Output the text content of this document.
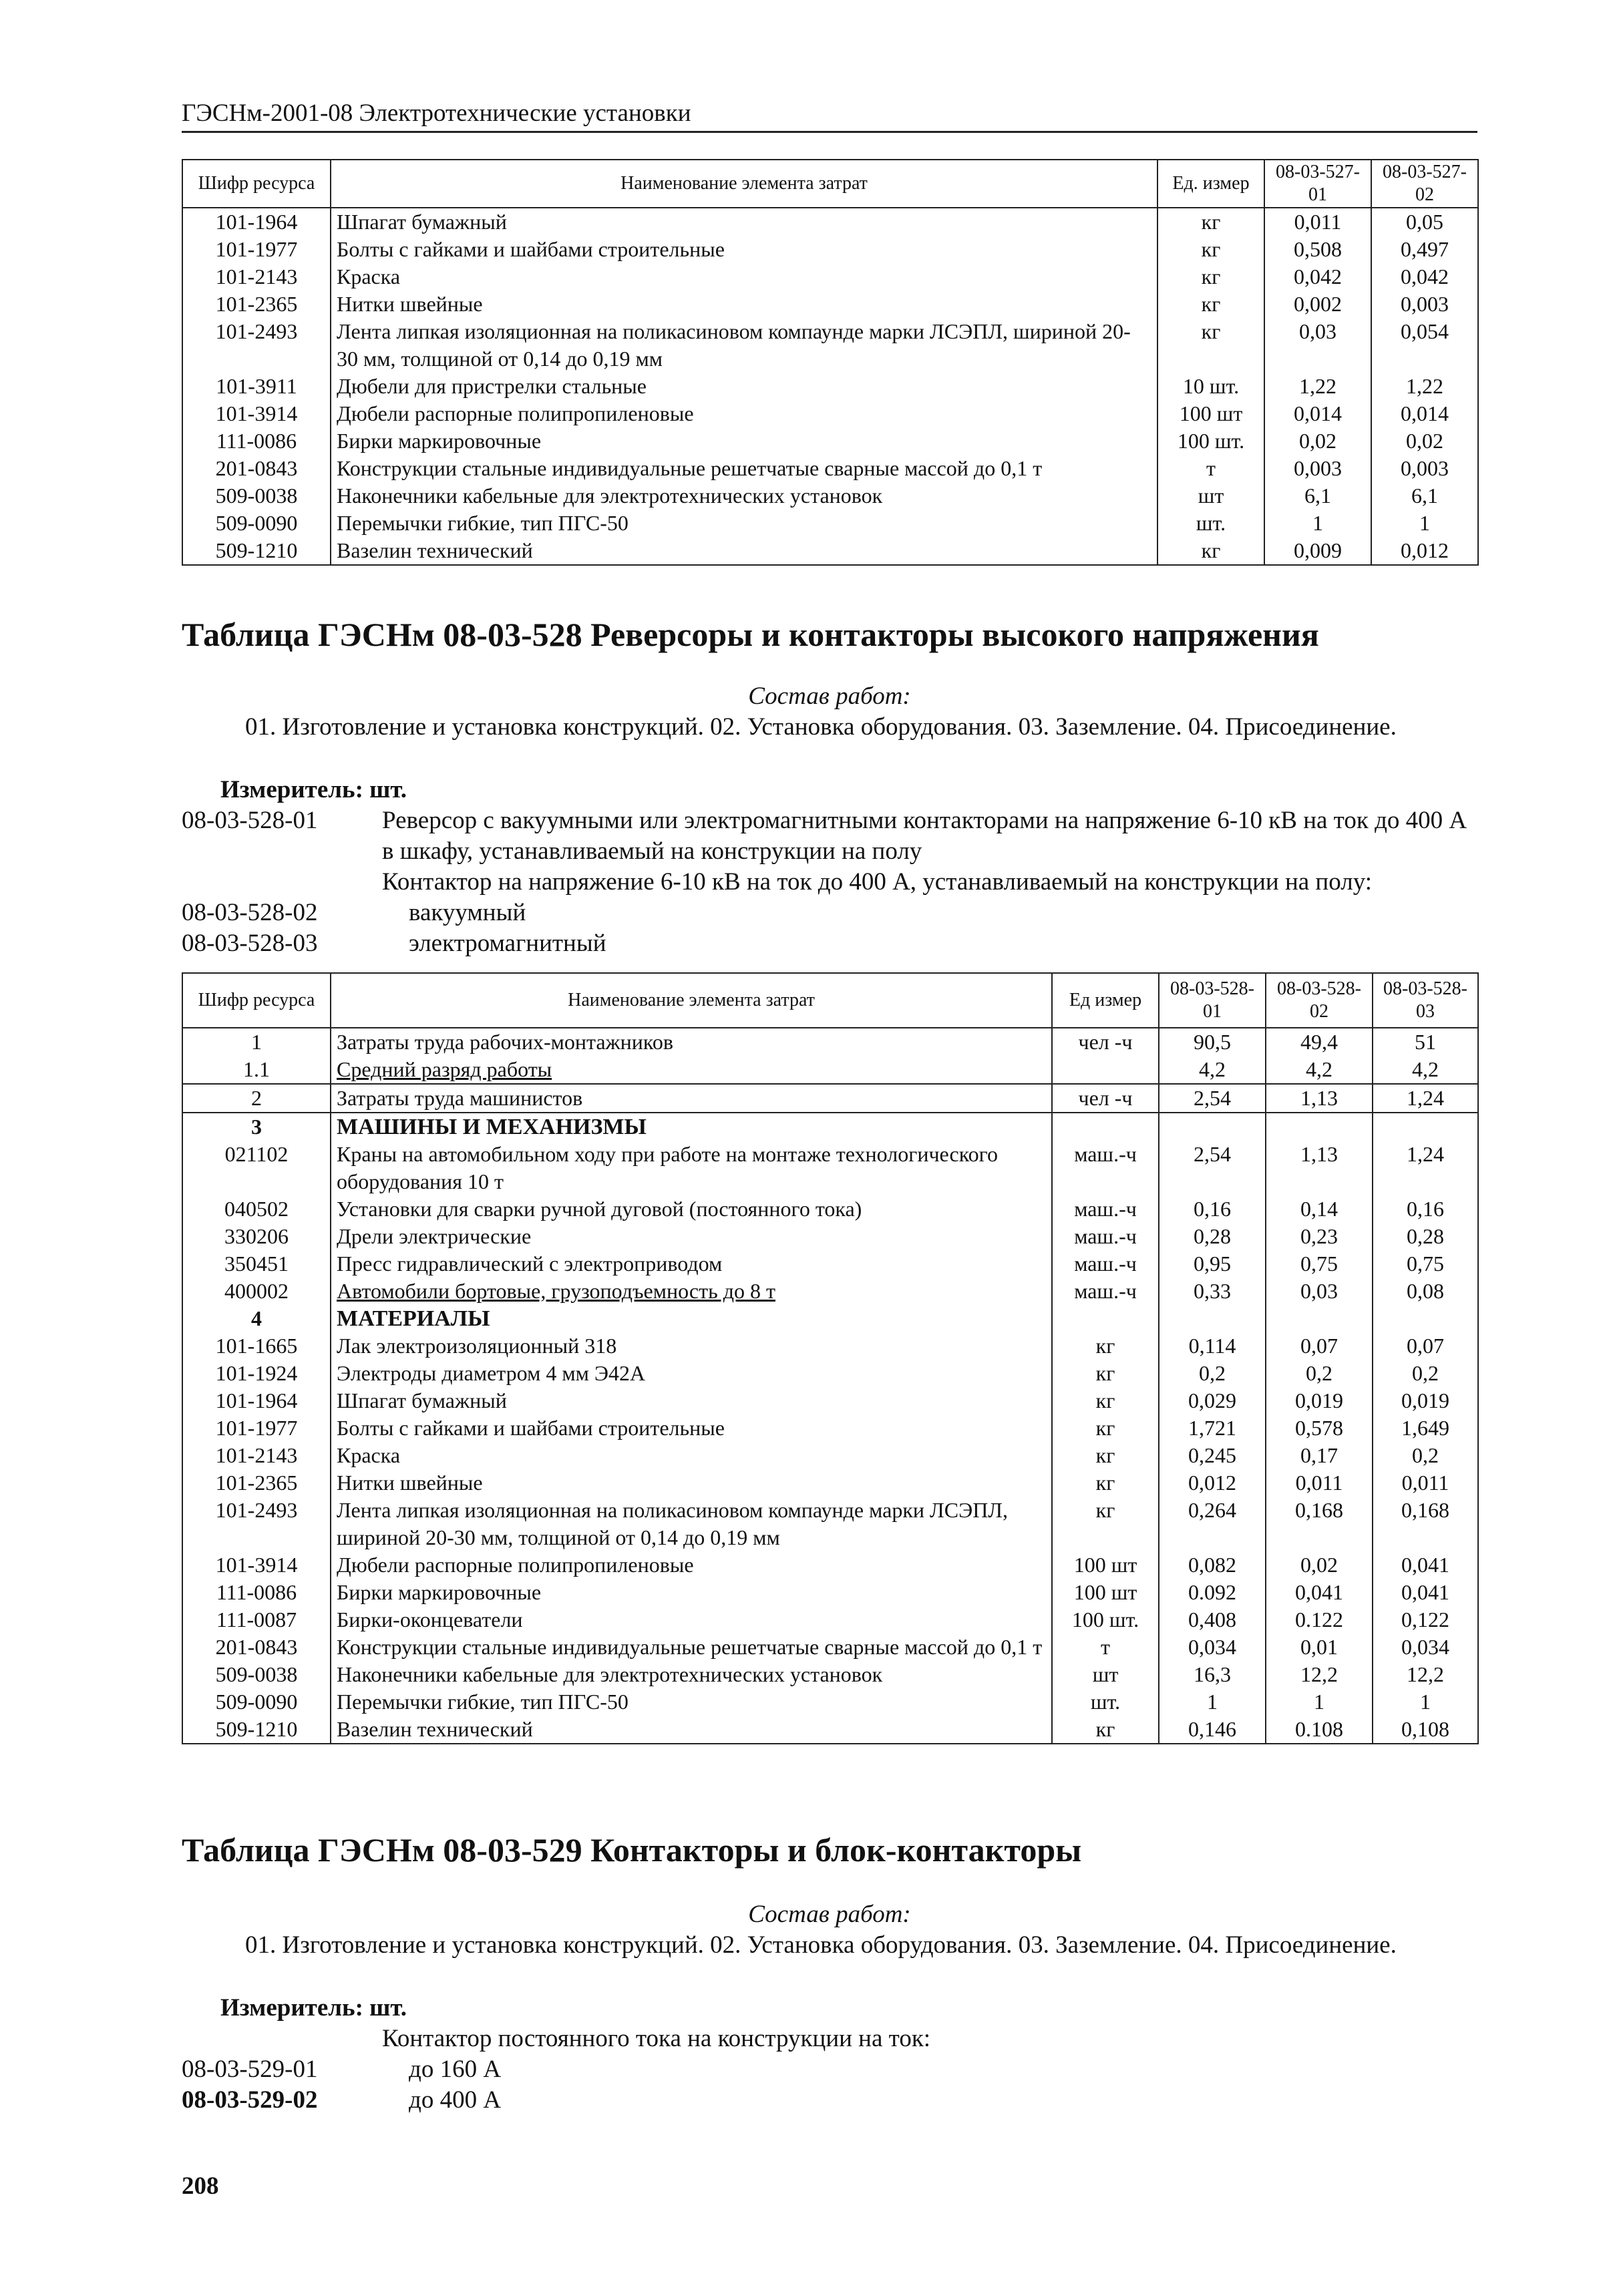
ГЭСНм-2001-08 Электротехнические установки
Шифр ресурса	Наименование элемента затрат	Ед. измер	08-03-527-01	08-03-527-02
101-1964	Шпагат бумажный	кг	0,011	0,05
101-1977	Болты с гайками и шайбами строительные	кг	0,508	0,497
101-2143	Краска	кг	0,042	0,042
101-2365	Нитки швейные	кг	0,002	0,003
101-2493	Лента липкая изоляционная на поликасиновом компаунде марки ЛСЭПЛ, шириной 20-30 мм, толщиной от 0,14 до 0,19 мм	кг	0,03	0,054
101-3911	Дюбели для пристрелки стальные	10 шт.	1,22	1,22
101-3914	Дюбели распорные полипропиленовые	100 шт	0,014	0,014
111-0086	Бирки маркировочные	100 шт.	0,02	0,02
201-0843	Конструкции стальные индивидуальные решетчатые сварные массой до 0,1 т	т	0,003	0,003
509-0038	Наконечники кабельные для электротехнических установок	шт	6,1	6,1
509-0090	Перемычки гибкие, тип ПГС-50	шт.	1	1
509-1210	Вазелин технический	кг	0,009	0,012
Таблица ГЭСНм 08-03-528 Реверсоры и контакторы высокого напряжения
Состав работ:
01. Изготовление и установка конструкций. 02. Установка оборудования. 03. Заземление. 04. Присоединение.
Измеритель: шт.
08-03-528-01	Реверсор с вакуумными или электромагнитными контакторами на напряжение 6-10 кВ на ток до 400 А в шкафу, устанавливаемый на конструкции на полу
Контактор на напряжение 6-10 кВ на ток до 400 А, устанавливаемый на конструкции на полу:
08-03-528-02	вакуумный
08-03-528-03	электромагнитный
Шифр ресурса	Наименование элемента затрат	Ед измер	08-03-528-01	08-03-528-02	08-03-528-03
1	Затраты труда рабочих-монтажников	чел -ч	90,5	49,4	51
1.1	Средний разряд работы		4,2	4,2	4,2
2	Затраты труда машинистов	чел -ч	2,54	1,13	1,24
3	МАШИНЫ И МЕХАНИЗМЫ				
021102	Краны на автомобильном ходу при работе на монтаже технологического оборудования 10 т	маш.-ч	2,54	1,13	1,24
040502	Установки для сварки ручной дуговой (постоянного тока)	маш.-ч	0,16	0,14	0,16
330206	Дрели электрические	маш.-ч	0,28	0,23	0,28
350451	Пресс гидравлический с электроприводом	маш.-ч	0,95	0,75	0,75
400002	Автомобили бортовые, грузоподъемность до 8 т	маш.-ч	0,33	0,03	0,08
4	МАТЕРИАЛЫ				
101-1665	Лак электроизоляционный 318	кг	0,114	0,07	0,07
101-1924	Электроды диаметром 4 мм Э42А	кг	0,2	0,2	0,2
101-1964	Шпагат бумажный	кг	0,029	0,019	0,019
101-1977	Болты с гайками и шайбами строительные	кг	1,721	0,578	1,649
101-2143	Краска	кг	0,245	0,17	0,2
101-2365	Нитки швейные	кг	0,012	0,011	0,011
101-2493	Лента липкая изоляционная на поликасиновом компаунде марки ЛСЭПЛ, шириной 20-30 мм, толщиной от 0,14 до 0,19 мм	кг	0,264	0,168	0,168
101-3914	Дюбели распорные полипропиленовые	100 шт	0,082	0,02	0,041
111-0086	Бирки маркировочные	100 шт	0.092	0,041	0,041
111-0087	Бирки-оконцеватели	100 шт.	0,408	0.122	0,122
201-0843	Конструкции стальные индивидуальные решетчатые сварные массой до 0,1 т	т	0,034	0,01	0,034
509-0038	Наконечники кабельные для электротехнических установок	шт	16,3	12,2	12,2
509-0090	Перемычки гибкие, тип ПГС-50	шт.	1	1	1
509-1210	Вазелин технический	кг	0,146	0.108	0,108
Таблица ГЭСНм 08-03-529 Контакторы и блок-контакторы
Состав работ:
01. Изготовление и установка конструкций. 02. Установка оборудования. 03. Заземление. 04. Присоединение.
Измеритель: шт.
Контактор постоянного тока на конструкции на ток:
08-03-529-01	до 160 А
08-03-529-02	до 400 А
208
